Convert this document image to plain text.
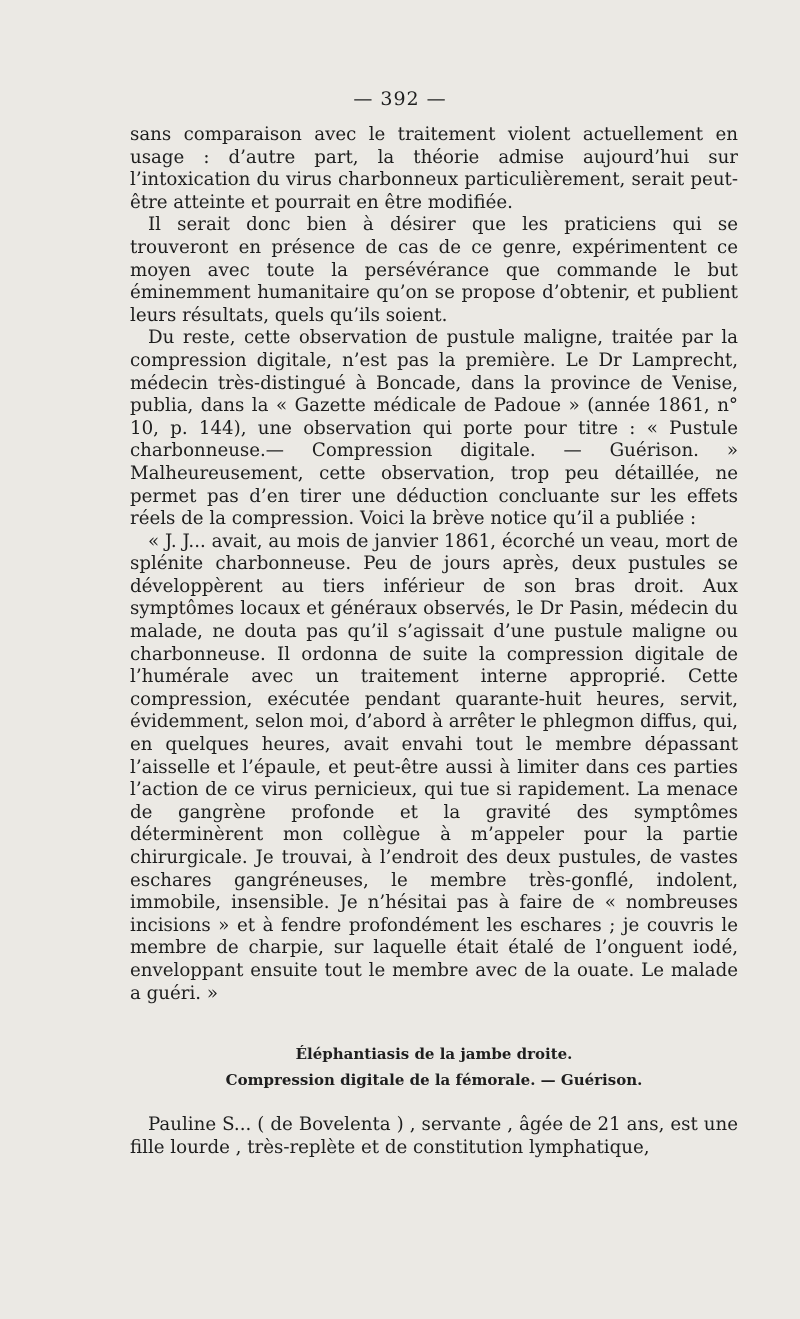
— 392 —

sans comparaison avec le traitement violent actuellement en usage : d’autre part, la théorie admise aujourd’hui sur l’intoxication du virus charbonneux particulièrement, serait peut-être atteinte et pourrait en être modifiée.

Il serait donc bien à désirer que les praticiens qui se trouveront en présence de cas de ce genre, expérimentent ce moyen avec toute la persévérance que commande le but éminemment humanitaire qu’on se propose d’obtenir, et publient leurs résultats, quels qu’ils soient.

Du reste, cette observation de pustule maligne, traitée par la compression digitale, n’est pas la première. Le Dr Lamprecht, médecin très-distingué à Boncade, dans la province de Venise, publia, dans la « Gazette médicale de Padoue » (année 1861, n° 10, p. 144), une observation qui porte pour titre : « Pustule charbonneuse.— Compression digitale. — Guérison. » Malheureusement, cette observation, trop peu détaillée, ne permet pas d’en tirer une déduction concluante sur les effets réels de la compression. Voici la brève notice qu’il a publiée :

« J. J... avait, au mois de janvier 1861, écorché un veau, mort de splénite charbonneuse. Peu de jours après, deux pustules se développèrent au tiers inférieur de son bras droit. Aux symptômes locaux et généraux observés, le Dr Pasin, médecin du malade, ne douta pas qu’il s’agissait d’une pustule maligne ou charbonneuse. Il ordonna de suite la compression digitale de l’humérale avec un traitement interne approprié. Cette compression, exécutée pendant quarante-huit heures, servit, évidemment, selon moi, d’abord à arrêter le phlegmon diffus, qui, en quelques heures, avait envahi tout le membre dépassant l’aisselle et l’épaule, et peut-être aussi à limiter dans ces parties l’action de ce virus pernicieux, qui tue si rapidement. La menace de gangrène profonde et la gravité des symptômes déterminèrent mon collègue à m’appeler pour la partie chirurgicale. Je trouvai, à l’endroit des deux pustules, de vastes eschares gangréneuses, le membre très-gonflé, indolent, immobile, insensible. Je n’hésitai pas à faire de « nombreuses incisions » et à fendre profondément les eschares ; je couvris le membre de charpie, sur laquelle était étalé de l’onguent iodé, enveloppant ensuite tout le membre avec de la ouate. Le malade a guéri. »

Éléphantiasis de la jambe droite.
Compression digitale de la fémorale. — Guérison.

Pauline S... ( de Bovelenta ) , servante , âgée de 21 ans, est une fille lourde , très-replète et de constitution lymphatique,
